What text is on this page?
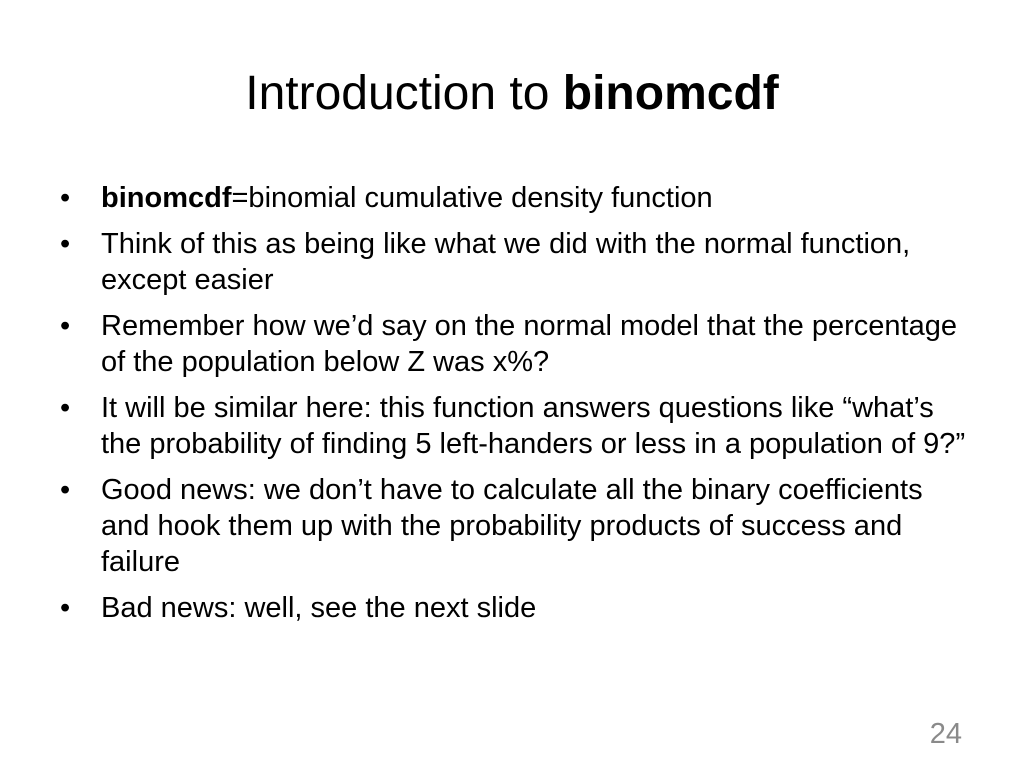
Introduction to binomcdf
•	binomcdf=binomial cumulative density function
•	Think of this as being like what we did with the normal function, except easier
•	Remember how we’d say on the normal model that the percentage of the population below Z was x%?
•	It will be similar here: this function answers questions like “what’s the probability of finding 5 left-handers or less in a population of 9?”
•	Good news: we don’t have to calculate all the binary coefficients and hook them up with the probability products of success and failure
•	Bad news: well, see the next slide
24
